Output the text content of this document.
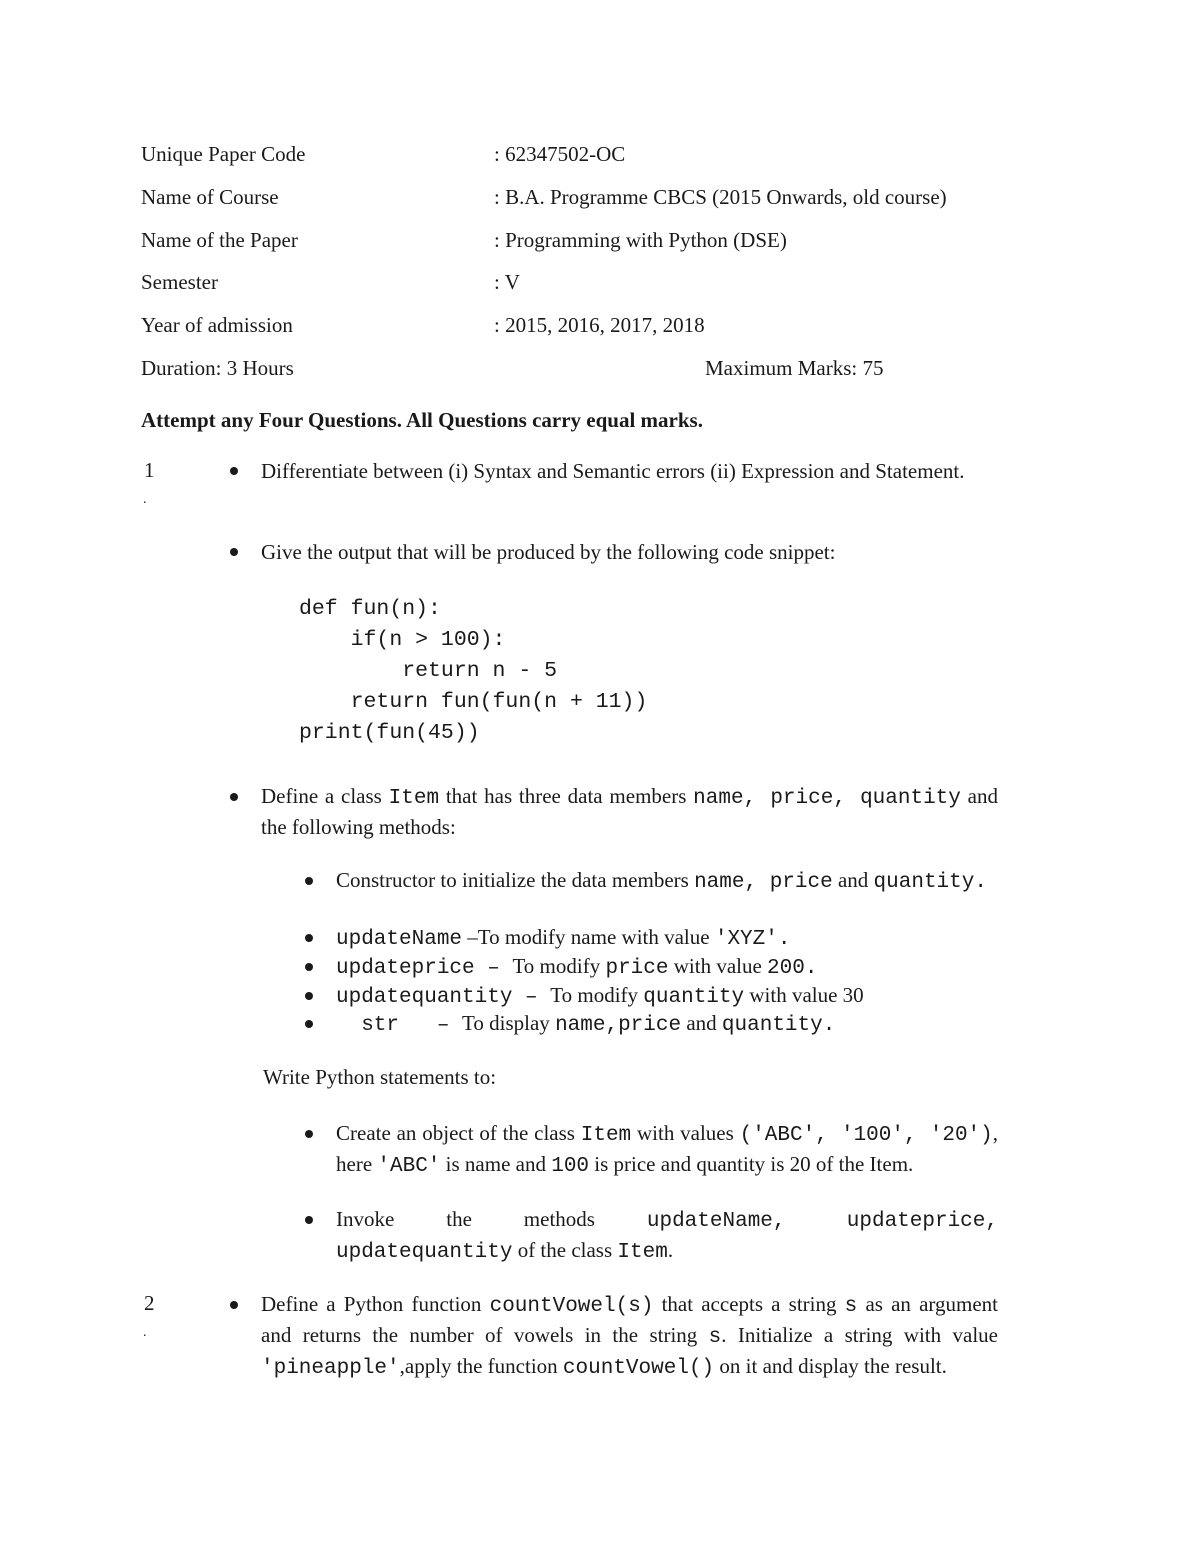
Unique Paper Code	: 62347502-OC
Name of Course	: B.A. Programme CBCS (2015 Onwards, old course)
Name of the Paper	: Programming with Python (DSE)
Semester	: V
Year of admission	: 2015, 2016, 2017, 2018
Duration: 3 Hours	Maximum Marks: 75
Attempt any Four Questions. All Questions carry equal marks.
1
.
Differentiate between (i) Syntax and Semantic errors (ii) Expression and Statement.
Give the output that will be produced by the following code snippet:
def fun(n):
if(n > 100):
return n - 5
return fun(fun(n + 11))
print(fun(45))
Define a class Item that has three data members name, price, quantity and the following methods:
Constructor to initialize the data members name, price and quantity.
updateName –To modify name with value 'XYZ'.
updateprice – To modify price with value 200.
updatequantity – To modify quantity with value 30
str   – To display name,price and quantity.
Write Python statements to:
Create an object of the class Item with values ('ABC', '100', '20'), here 'ABC' is name and 100 is price and quantity is 20 of the Item.
Invoke the methods updateName, updateprice, updatequantity of the class Item.
2
.
Define a Python function countVowel(s) that accepts a string s as an argument and returns the number of vowels in the string s. Initialize a string with value 'pineapple',apply the function countVowel() on it and display the result.
